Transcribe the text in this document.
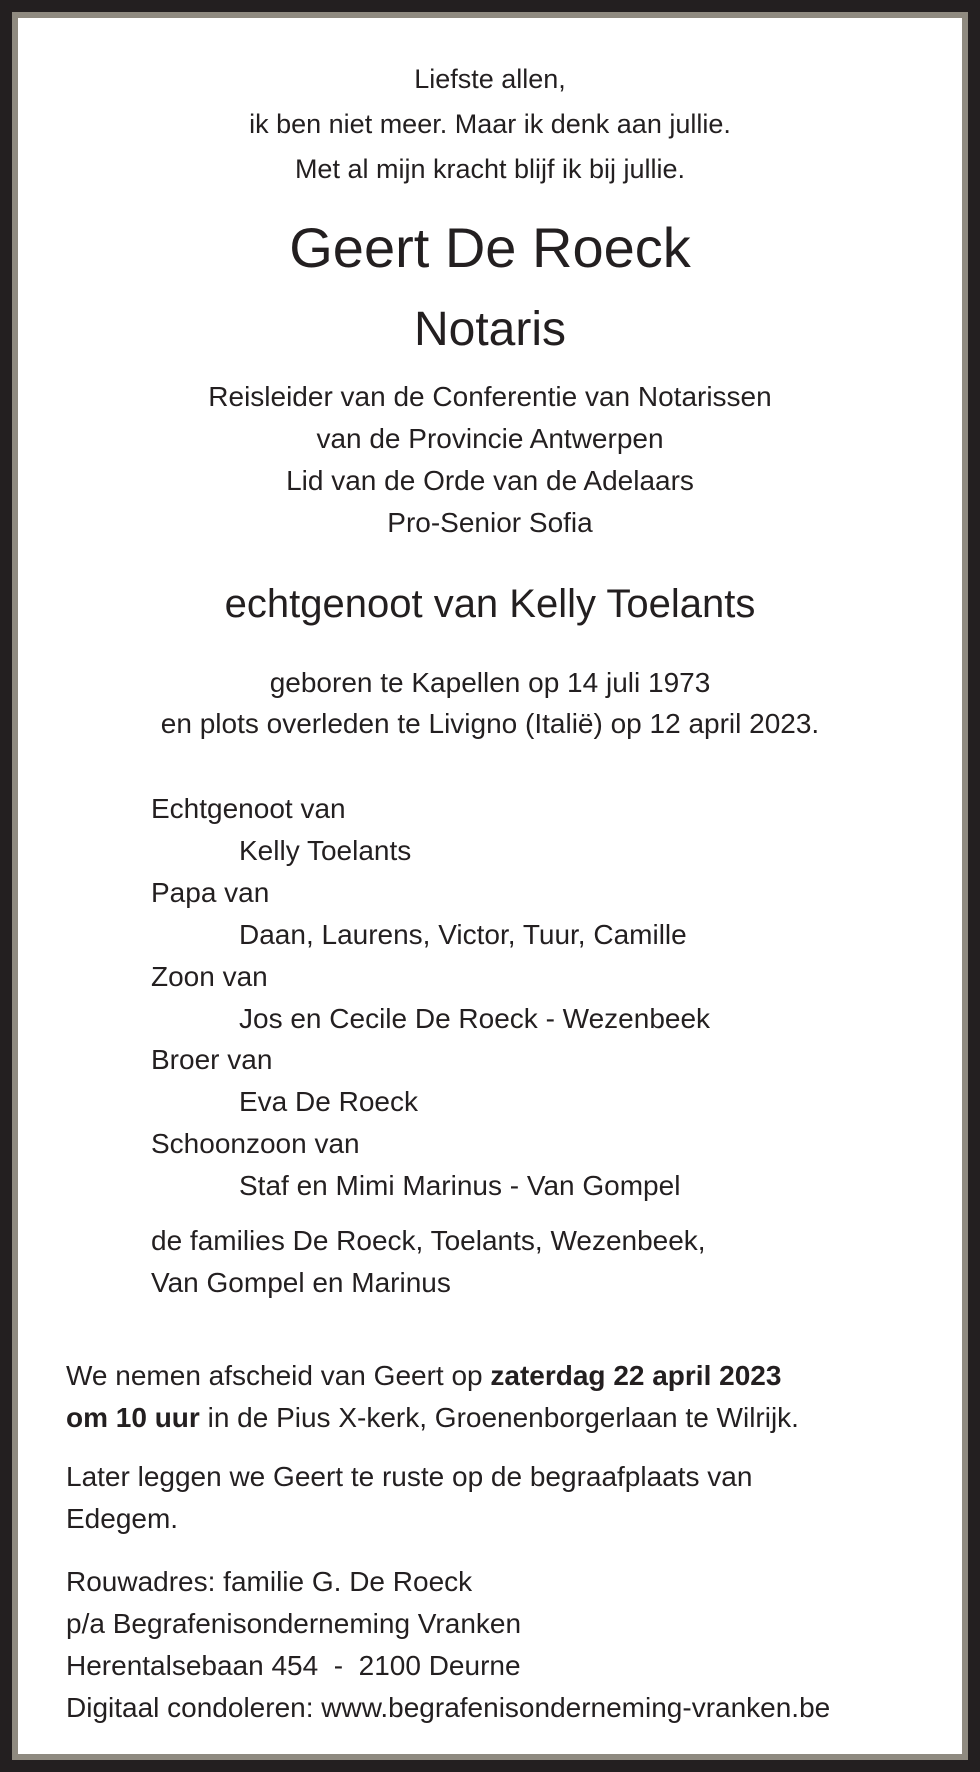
Liefste allen,
ik ben niet meer. Maar ik denk aan jullie.
Met al mijn kracht blijf ik bij jullie.
Geert De Roeck
Notaris
Reisleider van de Conferentie van Notarissen
van de Provincie Antwerpen
Lid van de Orde van de Adelaars
Pro-Senior Sofia
echtgenoot van Kelly Toelants
geboren te Kapellen op 14 juli 1973
en plots overleden te Livigno (Italië) op 12 april 2023.
Echtgenoot van
Kelly Toelants
Papa van
Daan, Laurens, Victor, Tuur, Camille
Zoon van
Jos en Cecile De Roeck - Wezenbeek
Broer van
Eva De Roeck
Schoonzoon van
Staf en Mimi Marinus - Van Gompel
de families De Roeck, Toelants, Wezenbeek,
Van Gompel en Marinus
We nemen afscheid van Geert op zaterdag 22 april 2023
om 10 uur in de Pius X-kerk, Groenenborgerlaan te Wilrijk.
Later leggen we Geert te ruste op de begraafplaats van
Edegem.
Rouwadres: familie G. De Roeck
p/a Begrafenisonderneming Vranken
Herentalsebaan 454  -  2100 Deurne
Digitaal condoleren: www.begrafenisonderneming-vranken.be
